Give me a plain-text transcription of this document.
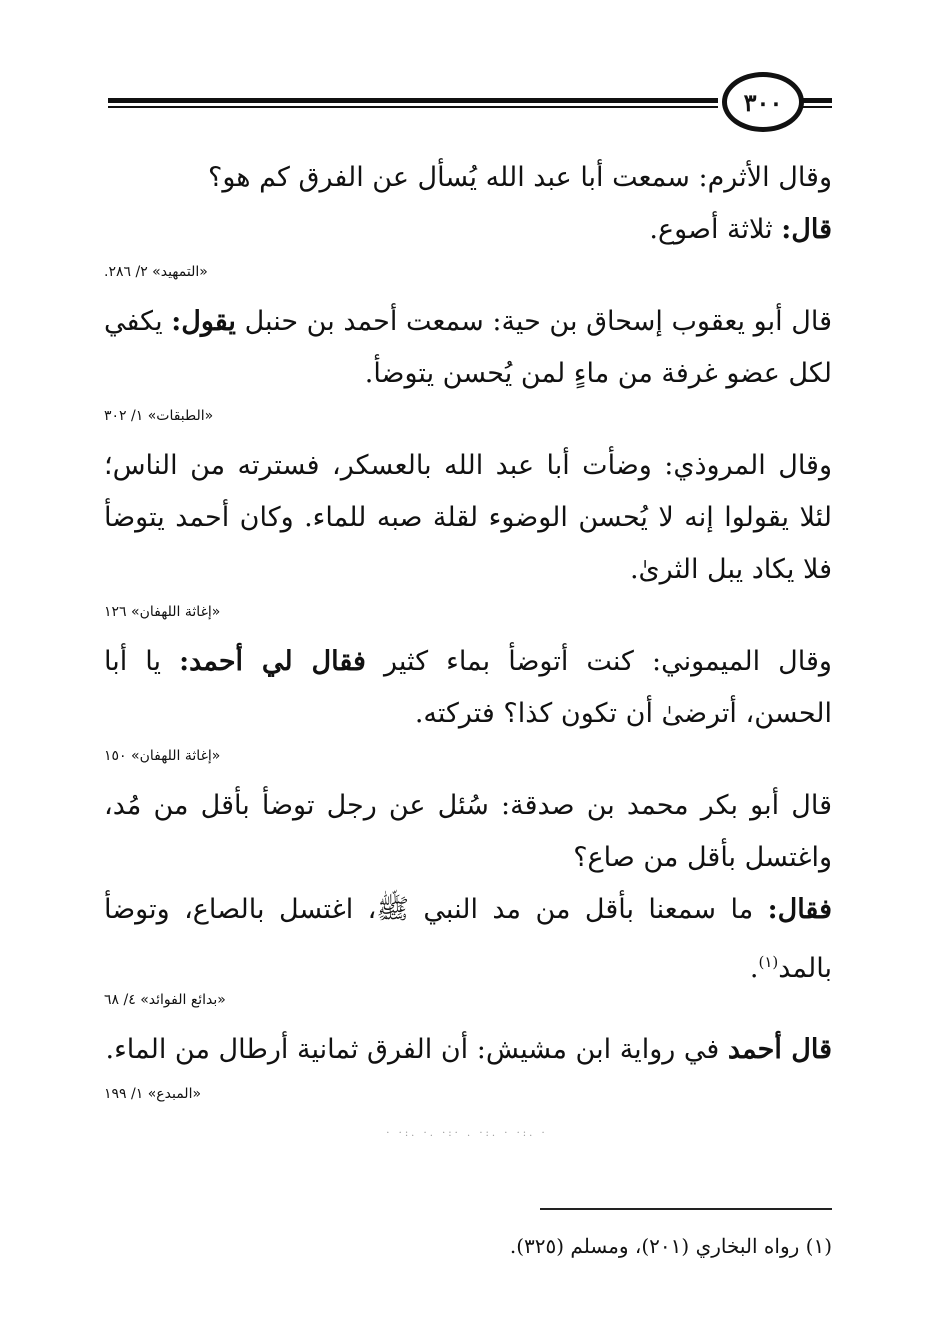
٣٠٠
وقال الأثرم: سمعت أبا عبد الله يُسأل عن الفرق كم هو؟
قال: ثلاثة أصوع.
«التمهيد» ٢/ ٢٨٦.
قال أبو يعقوب إسحاق بن حية: سمعت أحمد بن حنبل يقول: يكفي لكل عضو غرفة من ماءٍ لمن يُحسن يتوضأ.
«الطبقات» ١/ ٣٠٢
وقال المروذي: وضأت أبا عبد الله بالعسكر، فسترته من الناس؛ لئلا يقولوا إنه لا يُحسن الوضوء لقلة صبه للماء. وكان أحمد يتوضأ فلا يكاد يبل الثرىٰ.
«إغاثة اللهفان» ١٢٦
وقال الميموني: كنت أتوضأ بماء كثير فقال لي أحمد: يا أبا الحسن، أترضىٰ أن تكون كذا؟ فتركته.
«إغاثة اللهفان» ١٥٠
قال أبو بكر محمد بن صدقة: سُئل عن رجل توضأ بأقل من مُد، واغتسل بأقل من صاع؟
فقال: ما سمعنا بأقل من مد النبي ﷺ، اغتسل بالصاع، وتوضأ بالمد$^{(١)}$.
«بدائع الفوائد» ٤/ ٦٨
قال أحمد في رواية ابن مشيش: أن الفرق ثمانية أرطال من الماء.
«المبدع» ١/ ١٩٩
· ·:. ·. ·:· . ·:. · ·:. ·
(١) رواه البخاري (٢٠١)، ومسلم (٣٢٥).
